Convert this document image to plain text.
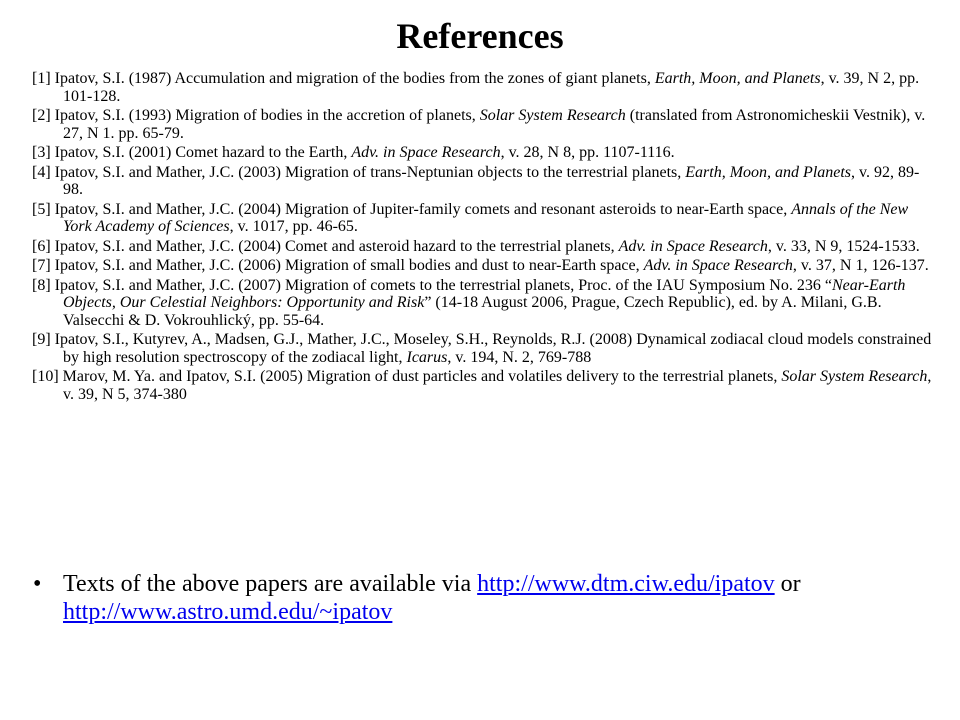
References

[1] Ipatov, S.I. (1987) Accumulation and migration of the bodies from the zones of giant planets, Earth, Moon, and Planets, v. 39, N 2, pp. 101-128.

[2] Ipatov, S.I. (1993) Migration of bodies in the accretion of planets, Solar System Research (translated from Astronomicheskii Vestnik), v. 27, N 1. pp. 65-79.

[3] Ipatov, S.I. (2001) Comet hazard to the Earth, Adv. in Space Research, v. 28, N 8, pp. 1107-1116.

[4] Ipatov, S.I. and Mather, J.C. (2003) Migration of trans-Neptunian objects to the terrestrial planets, Earth, Moon, and Planets, v. 92, 89-98.

[5] Ipatov, S.I. and Mather, J.C. (2004) Migration of Jupiter-family comets and resonant asteroids to near-Earth space, Annals of the New York Academy of Sciences, v. 1017, pp. 46-65.

[6] Ipatov, S.I. and Mather, J.C. (2004) Comet and asteroid hazard to the terrestrial planets, Adv. in Space Research, v. 33, N 9, 1524-1533.

[7] Ipatov, S.I. and Mather, J.C. (2006) Migration of small bodies and dust to near-Earth space, Adv. in Space Research, v. 37, N 1, 126-137.

[8] Ipatov, S.I. and Mather, J.C. (2007) Migration of comets to the terrestrial planets, Proc. of the IAU Symposium No. 236 “Near-Earth Objects, Our Celestial Neighbors: Opportunity and Risk” (14-18 August 2006, Prague, Czech Republic), ed. by A. Milani, G.B. Valsecchi & D. Vokrouhlický, pp. 55-64.

[9] Ipatov, S.I., Kutyrev, A., Madsen, G.J., Mather, J.C., Moseley, S.H., Reynolds, R.J. (2008) Dynamical zodiacal cloud models constrained by high resolution spectroscopy of the zodiacal light, Icarus, v. 194, N. 2, 769-788

[10] Marov, M. Ya. and Ipatov, S.I. (2005) Migration of dust particles and volatiles delivery to the terrestrial planets, Solar System Research, v. 39, N 5, 374-380

• Texts of the above papers are available via http://www.dtm.ciw.edu/ipatov or http://www.astro.umd.edu/~ipatov
